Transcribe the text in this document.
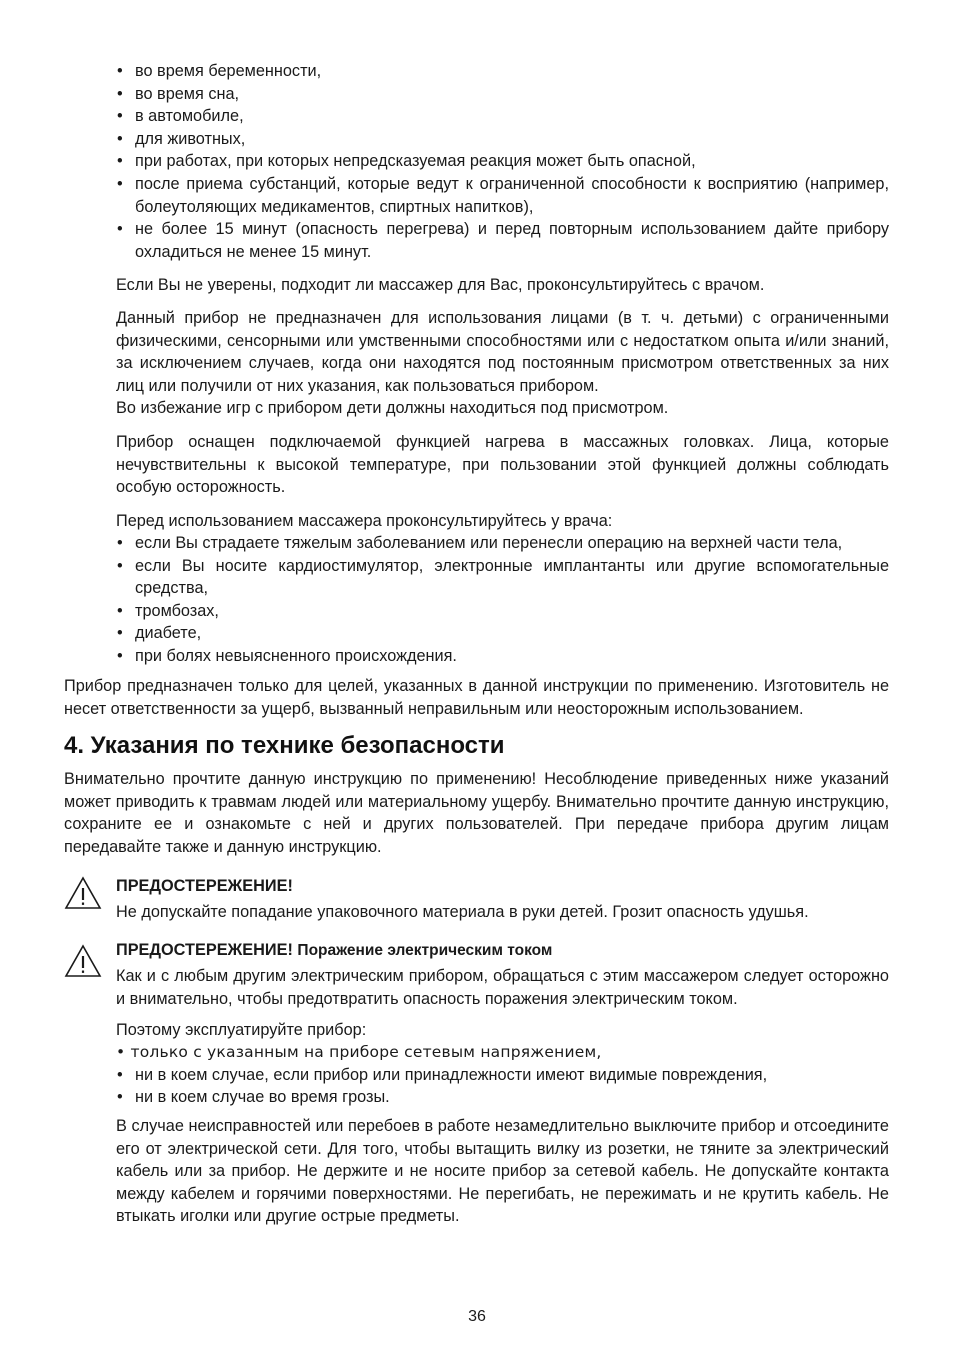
• во время беременности,
• во время сна,
• в автомобиле,
• для животных,
• при работах, при которых непредсказуемая реакция может быть опасной,
• после приема субстанций, которые ведут к ограниченной способности к восприятию (например, болеутоляющих медикаментов, спиртных напитков),
• не более 15 минут (опасность перегрева) и перед повторным использованием дайте прибору охладиться не менее 15 минут.

Если Вы не уверены, подходит ли массажер для Вас, проконсультируйтесь с врачом.

Данный прибор не предназначен для использования лицами (в т. ч. детьми) с ограниченными физическими, сенсорными или умственными способностями или с недостатком опыта и/или знаний, за исключением случаев, когда они находятся под постоянным присмотром ответственных за них лиц или получили от них указания, как пользоваться прибором.

Во избежание игр с прибором дети должны находиться под присмотром.

Прибор оснащен подключаемой функцией нагрева в массажных головках. Лица, которые нечувствительны к высокой температуре, при пользовании этой функцией должны соблюдать особую осторожность.

Перед использованием массажера проконсультируйтесь у врача:

• если Вы страдаете тяжелым заболеванием или перенесли операцию на верхней части тела,
• если Вы носите кардиостимулятор, электронные имплантанты или другие вспомогательные средства,
• тромбозах,
• диабете,
• при болях невыясненного происхождения.

Прибор предназначен только для целей, указанных в данной инструкции по применению. Изготовитель не несет ответственности за ущерб, вызванный неправильным или неосторожным использованием.

4. Указания по технике безопасности

Внимательно прочтите данную инструкцию по применению! Несоблюдение приведенных ниже указаний может приводить к травмам людей или материальному ущербу. Внимательно прочтите данную инструкцию, сохраните ее и ознакомьте с ней и других пользователей. При передаче прибора другим лицам передавайте также и данную инструкцию.

ПРЕДОСТЕРЕЖЕНИЕ!

Не допускайте попадание упаковочного материала в руки детей. Грозит опасность удушья.

ПРЕДОСТЕРЕЖЕНИЕ! Поражение электрическим током

Как и с любым другим электрическим прибором, обращаться с этим массажером следует осторожно и внимательно, чтобы предотвратить опасность поражения электрическим током.

Поэтому эксплуатируйте прибор:

• только с указанным на приборе сетевым напряжением,
• ни в коем случае, если прибор или принадлежности имеют видимые повреждения,
• ни в коем случае во время грозы.

В случае неисправностей или перебоев в работе незамедлительно выключите прибор и отсоедините его от электрической сети. Для того, чтобы вытащить вилку из розетки, не тяните за электрический кабель или за прибор. Не держите и не носите прибор за сетевой кабель. Не допускайте контакта между кабелем и горячими поверхностями. Не перегибать, не пережимать и не крутить кабель. Не втыкать иголки или другие острые предметы.

36
